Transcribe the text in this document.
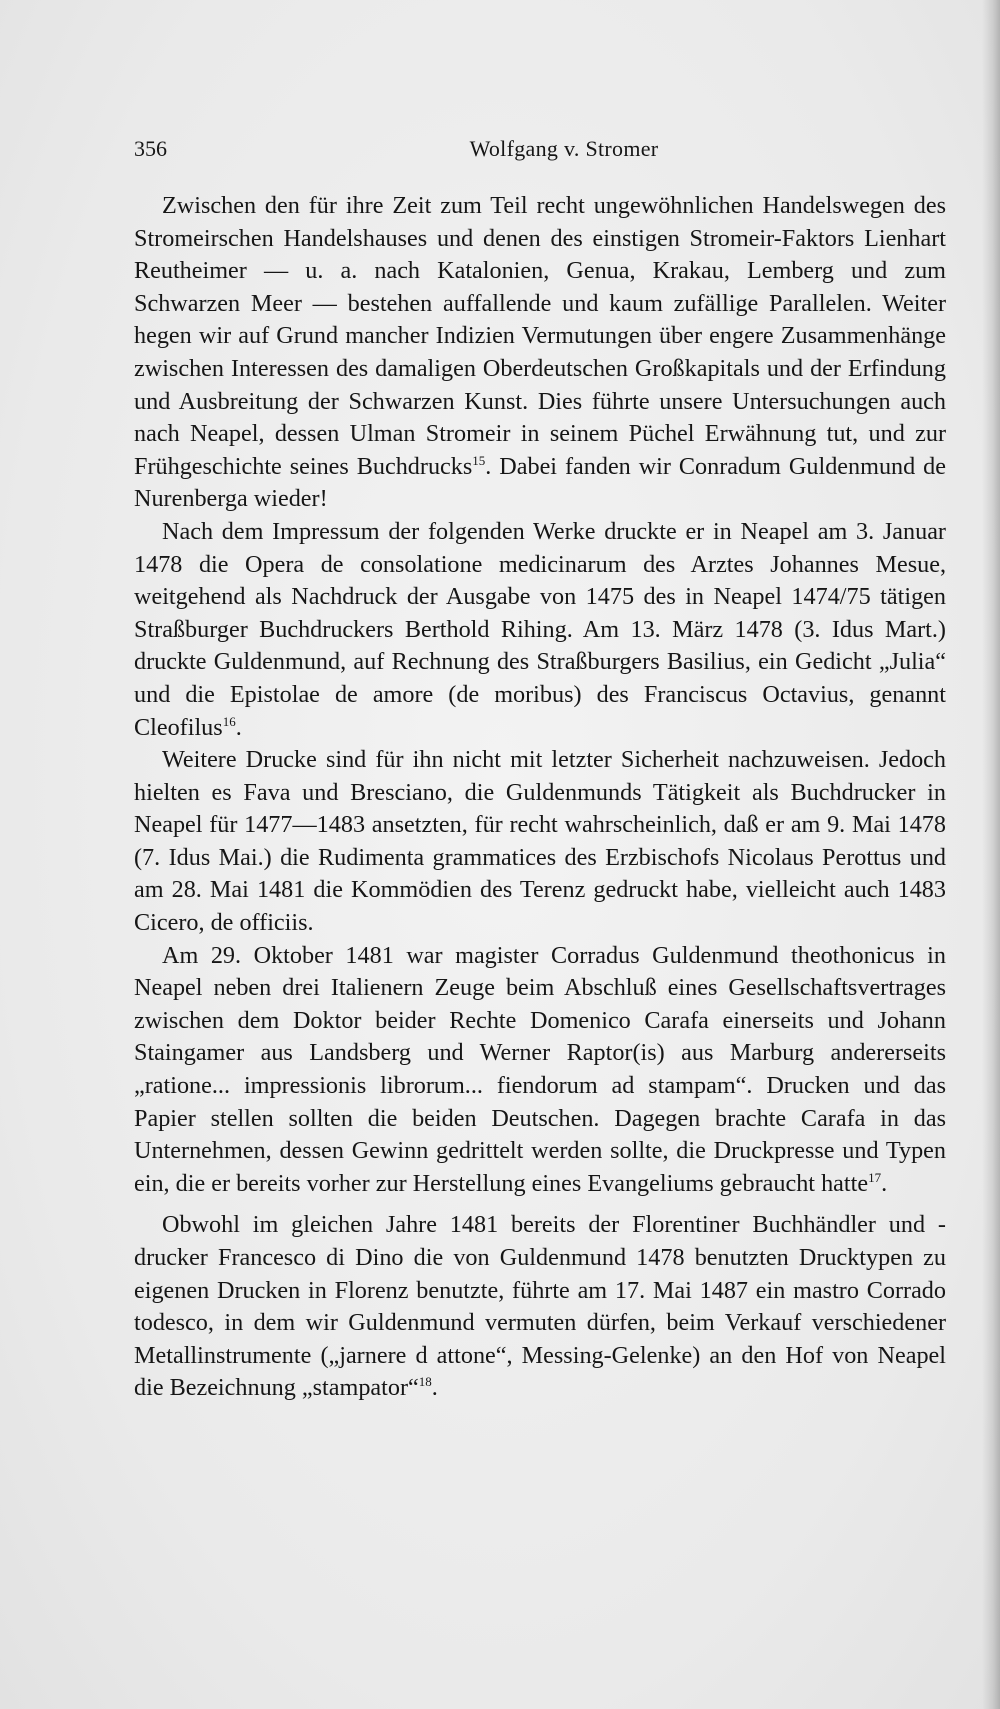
356	Wolfgang v. Stromer

Zwischen den für ihre Zeit zum Teil recht ungewöhnlichen Handelswegen des Stromeirschen Handelshauses und denen des einstigen Stromeir-Faktors Lienhart Reutheimer — u. a. nach Katalonien, Genua, Krakau, Lemberg und zum Schwarzen Meer — bestehen auffallende und kaum zufällige Parallelen. Weiter hegen wir auf Grund mancher Indizien Vermutungen über engere Zusammenhänge zwischen Interessen des damaligen Oberdeutschen Großkapitals und der Erfindung und Ausbreitung der Schwarzen Kunst. Dies führte unsere Untersuchungen auch nach Neapel, dessen Ulman Stromeir in seinem Püchel Erwähnung tut, und zur Frühgeschichte seines Buchdrucks$^{15}$. Dabei fanden wir Conradum Guldenmund de Nurenberga wieder!

Nach dem Impressum der folgenden Werke druckte er in Neapel am 3. Januar 1478 die Opera de consolatione medicinarum des Arztes Johannes Mesue, weitgehend als Nachdruck der Ausgabe von 1475 des in Neapel 1474/75 tätigen Straßburger Buchdruckers Berthold Rihing. Am 13. März 1478 (3. Idus Mart.) druckte Guldenmund, auf Rechnung des Straßburgers Basilius, ein Gedicht „Julia“ und die Epistolae de amore (de moribus) des Franciscus Octavius, genannt Cleofilus$^{16}$.

Weitere Drucke sind für ihn nicht mit letzter Sicherheit nachzuweisen. Jedoch hielten es Fava und Bresciano, die Guldenmunds Tätigkeit als Buchdrucker in Neapel für 1477—1483 ansetzten, für recht wahrscheinlich, daß er am 9. Mai 1478 (7. Idus Mai.) die Rudimenta grammatices des Erzbischofs Nicolaus Perottus und am 28. Mai 1481 die Kommödien des Terenz gedruckt habe, vielleicht auch 1483 Cicero, de officiis.

Am 29. Oktober 1481 war magister Corradus Guldenmund theothonicus in Neapel neben drei Italienern Zeuge beim Abschluß eines Gesellschaftsvertrages zwischen dem Doktor beider Rechte Domenico Carafa einerseits und Johann Staingamer aus Landsberg und Werner Raptor(is) aus Marburg andererseits „ratione... impressionis librorum... fiendorum ad stampam“. Drucken und das Papier stellen sollten die beiden Deutschen. Dagegen brachte Carafa in das Unternehmen, dessen Gewinn gedrittelt werden sollte, die Druckpresse und Typen ein, die er bereits vorher zur Herstellung eines Evangeliums gebraucht hatte$^{17}$.

Obwohl im gleichen Jahre 1481 bereits der Florentiner Buchhändler und -drucker Francesco di Dino die von Guldenmund 1478 benutzten Drucktypen zu eigenen Drucken in Florenz benutzte, führte am 17. Mai 1487 ein mastro Corrado todesco, in dem wir Guldenmund vermuten dürfen, beim Verkauf verschiedener Metallinstrumente („jarnere d attone“, Messing-Gelenke) an den Hof von Neapel die Bezeichnung „stampator“$^{18}$.
